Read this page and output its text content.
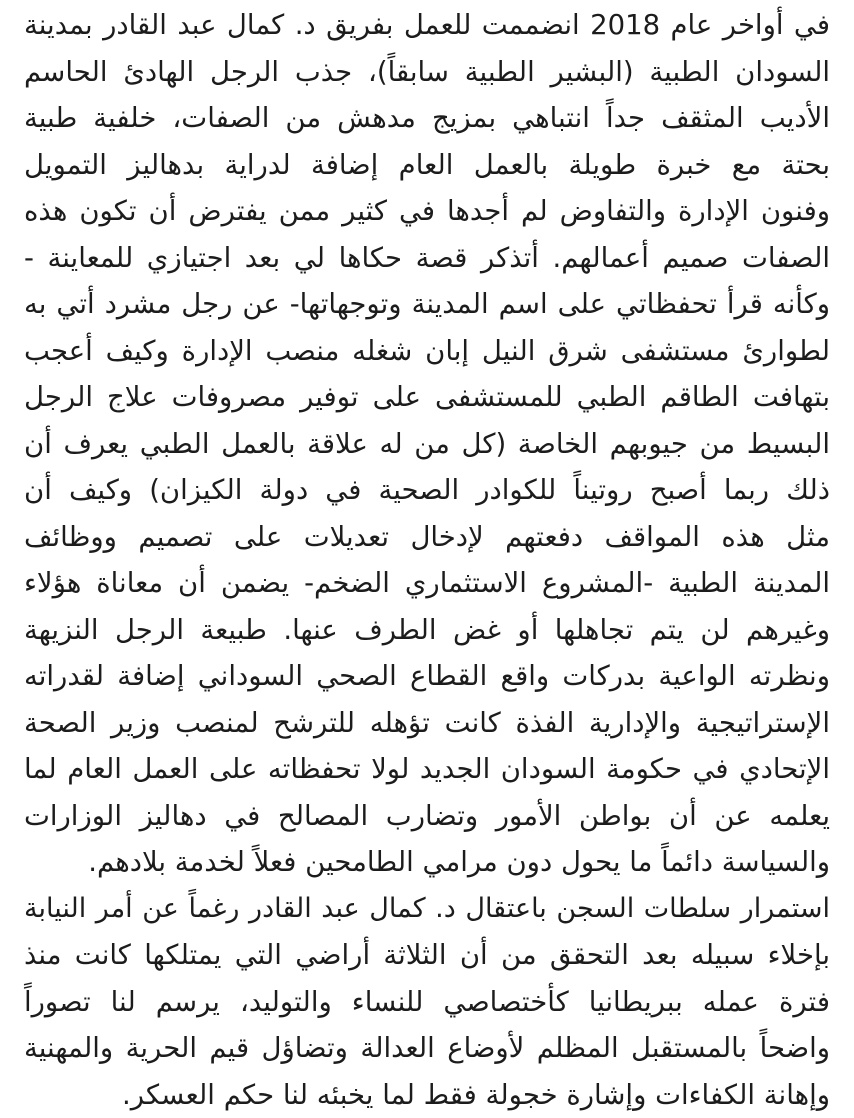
في أواخر عام 2018 انضممت للعمل بفريق د. كمال عبد القادر بمدينة
السودان الطبية (البشير الطبية سابقاً)، جذب الرجل الهادئ الحاسم
الأديب المثقف جداً انتباهي بمزيج مدهش من الصفات، خلفية طبية
بحتة مع خبرة طويلة بالعمل العام إضافة لدراية بدهاليز التمويل
وفنون الإدارة والتفاوض لم أجدها في كثير ممن يفترض أن تكون هذه
الصفات صميم أعمالهم. أتذكر قصة حكاها لي بعد اجتيازي للمعاينة -
وكأنه قرأ تحفظاتي على اسم المدينة وتوجهاتها- عن رجل مشرد أتي به
لطوارئ مستشفى شرق النيل إبان شغله منصب الإدارة وكيف أعجب
بتهافت الطاقم الطبي للمستشفى على توفير مصروفات علاج الرجل
البسيط من جيوبهم الخاصة (كل من له علاقة بالعمل الطبي يعرف أن
ذلك ربما أصبح روتيناً للكوادر الصحية في دولة الكيزان) وكيف أن
مثل هذه المواقف دفعتهم لإدخال تعديلات على تصميم ووظائف
المدينة الطبية -المشروع الاستثماري الضخم- يضمن أن معاناة هؤلاء
وغيرهم لن يتم تجاهلها أو غض الطرف عنها. طبيعة الرجل النزيهة
ونظرته الواعية بدركات واقع القطاع الصحي السوداني إضافة لقدراته
الإستراتيجية والإدارية الفذة كانت تؤهله للترشح لمنصب وزير الصحة
الإتحادي في حكومة السودان الجديد لولا تحفظاته على العمل العام لما
يعلمه عن أن بواطن الأمور وتضارب المصالح في دهاليز الوزارات
والسياسة دائماً ما يحول دون مرامي الطامحين فعلاً لخدمة بلادهم.
استمرار سلطات السجن باعتقال د. كمال عبد القادر رغماً عن أمر النيابة
بإخلاء سبيله بعد التحقق من أن الثلاثة أراضي التي يمتلكها كانت منذ
فترة عمله ببريطانيا كأختصاصي للنساء والتوليد، يرسم لنا تصوراً
واضحاً بالمستقبل المظلم لأوضاع العدالة وتضاؤل قيم الحرية والمهنية
وإهانة الكفاءات وإشارة خجولة فقط لما يخبئه لنا حكم العسكر.
